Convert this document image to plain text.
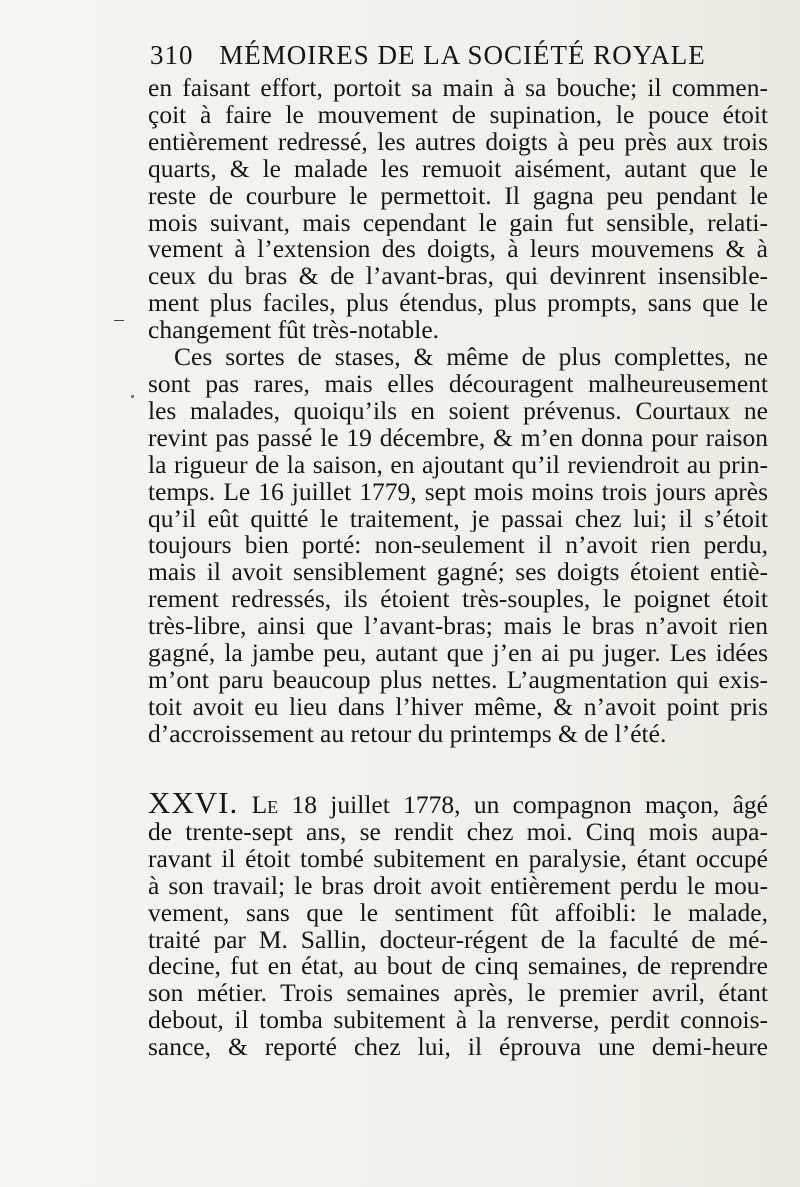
310 MÉMOIRES DE LA SOCIÉTÉ ROYALE
en faisant effort, portoit sa main à sa bouche; il commen-
çoit à faire le mouvement de supination, le pouce étoit
entièrement redressé, les autres doigts à peu près aux trois
quarts, & le malade les remuoit aisément, autant que le
reste de courbure le permettoit. Il gagna peu pendant le
mois suivant, mais cependant le gain fut sensible, relati-
vement à l’extension des doigts, à leurs mouvemens & à
ceux du bras & de l’avant-bras, qui devinrent insensible-
ment plus faciles, plus étendus, plus prompts, sans que le
changement fût très-notable.
Ces sortes de stases, & même de plus complettes, ne
sont pas rares, mais elles découragent malheureusement
les malades, quoiqu’ils en soient prévenus. Courtaux ne
revint pas passé le 19 décembre, & m’en donna pour raison
la rigueur de la saison, en ajoutant qu’il reviendroit au prin-
temps. Le 16 juillet 1779, sept mois moins trois jours après
qu’il eût quitté le traitement, je passai chez lui; il s’étoit
toujours bien porté: non-seulement il n’avoit rien perdu,
mais il avoit sensiblement gagné; ses doigts étoient entiè-
rement redressés, ils étoient très-souples, le poignet étoit
très-libre, ainsi que l’avant-bras; mais le bras n’avoit rien
gagné, la jambe peu, autant que j’en ai pu juger. Les idées
m’ont paru beaucoup plus nettes. L’augmentation qui exis-
toit avoit eu lieu dans l’hiver même, & n’avoit point pris
d’accroissement au retour du printemps & de l’été.
XXVI. Le 18 juillet 1778, un compagnon maçon, âgé
de trente-sept ans, se rendit chez moi. Cinq mois aupa-
ravant il étoit tombé subitement en paralysie, étant occupé
à son travail; le bras droit avoit entièrement perdu le mou-
vement, sans que le sentiment fût affoibli: le malade,
traité par M. Sallin, docteur-régent de la faculté de mé-
decine, fut en état, au bout de cinq semaines, de reprendre
son métier. Trois semaines après, le premier avril, étant
debout, il tomba subitement à la renverse, perdit connois-
sance, & reporté chez lui, il éprouva une demi-heure
